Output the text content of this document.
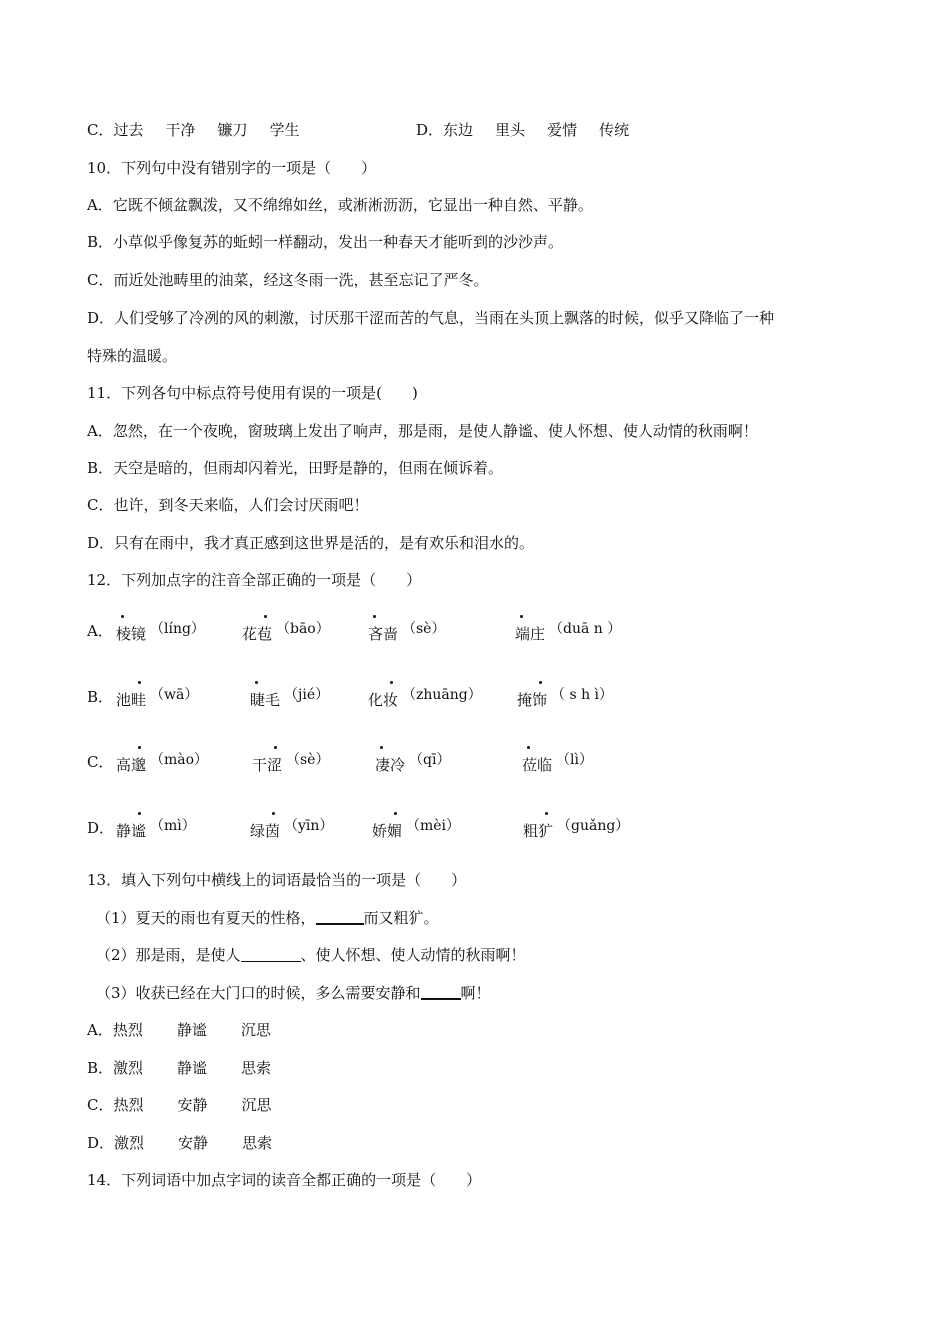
C．过去 干净 镰刀 学生	D．东边 里头 爱情 传统
10．下列句中没有错别字的一项是（　　）
A．它既不倾盆飘泼，又不绵绵如丝，或淅淅沥沥，它显出一种自然、平静。
B．小草似乎像复苏的蚯蚓一样翻动，发出一种春天才能听到的沙沙声。
C．而近处池畴里的油菜，经这冬雨一洗，甚至忘记了严冬。
D．人们受够了冷冽的风的刺激，讨厌那干涩而苦的气息，当雨在头顶上飘落的时候，似乎又降临了一种
特殊的温暖。
11．下列各句中标点符号使用有误的一项是(　　)
A．忽然，在一个夜晚，窗玻璃上发出了响声，那是雨，是使人静谧、使人怀想、使人动情的秋雨啊！
B．天空是暗的，但雨却闪着光，田野是静的，但雨在倾诉着。
C．也许，到冬天来临，人们会讨厌雨吧！
D．只有在雨中，我才真正感到这世界是活的，是有欢乐和泪水的。
12．下列加点字的注音全部正确的一项是（　　）
A． 棱镜 （líng） 花苞 （bāo）	吝啬 （sè）	端庄 （duā n ）
B． 池畦 （wā）	睫毛 （jié）	化妆 （zhuāng） 掩饰 （ s h ì）
C． 高邈 （mào）	干涩 （sè）	凄冷 （qī）	莅临 （lì）
D． 静谧 （mì）	绿茵 （yīn）	娇媚 （mèi）	粗犷 （guǎng）
13．填入下列句中横线上的词语最恰当的一项是（　　）
（1）夏天的雨也有夏天的性格，	而又粗犷。
（2）那是雨，是使人	、使人怀想、使人动情的秋雨啊！
（3）收获已经在大门口的时候，多么需要安静和	啊！
A．热烈 静谧 沉思
B．激烈 静谧 思索
C．热烈 安静 沉思
D．激烈 安静 思索
14．下列词语中加点字词的读音全都正确的一项是（　　）
